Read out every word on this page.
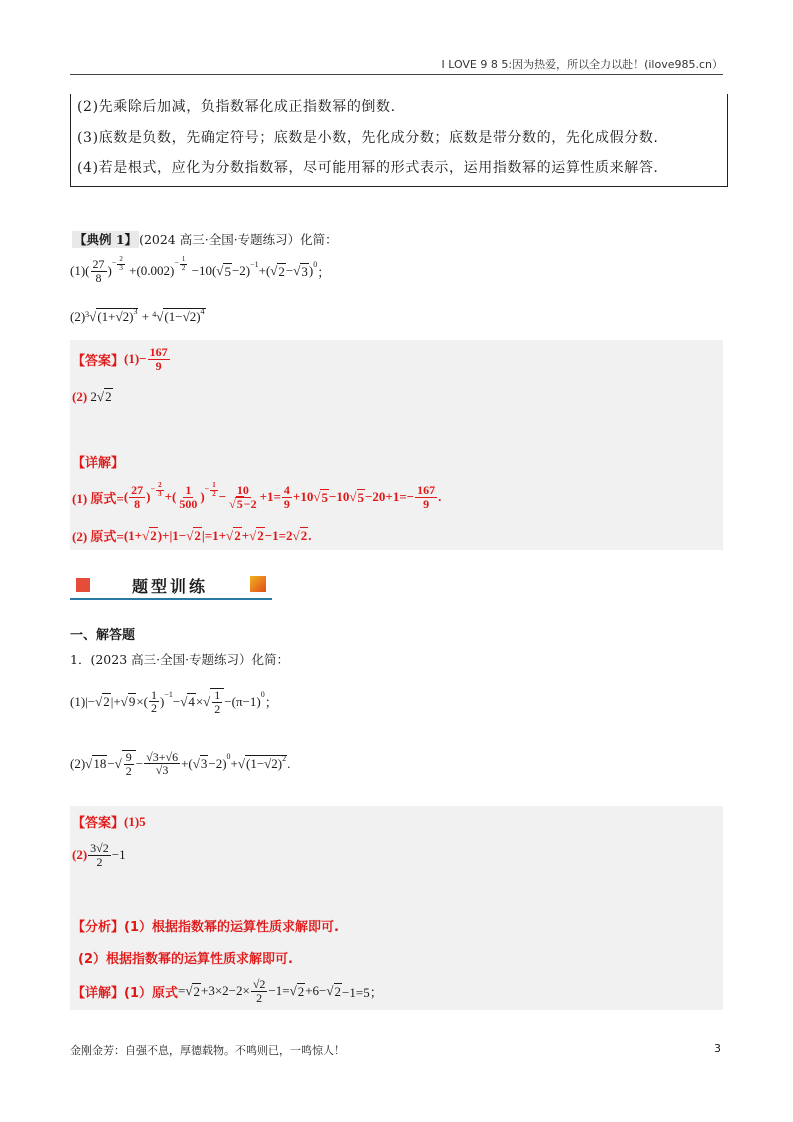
I LOVE 9 8 5:因为热爱，所以全力以赴！(ilove985.cn）
(2)先乘除后加减，负指数幂化成正指数幂的倒数.
(3)底数是负数，先确定符号；底数是小数，先化成分数；底数是带分数的，先化成假分数.
(4)若是根式，应化为分数指数幂，尽可能用幂的形式表示，运用指数幂的运算性质来解答.
【典例 1】 (2024 高三·全国·专题练习）化简：
(1) ( $\frac{27}{8}$ ) − $\frac{2}{3} +(0.002) - \frac{1}{2} -10(√$ 5 −2) −1 +(√ 2 −√ 3 ) 0
；
(2) 3 √ $(1+√2)^3 + 4$ √ $(1-√2)^4$
【答案】 $(1)- \frac{167}{9}$
(2) 2√ 2
【详解】
(1) 原式= ( $\frac{27}{8}$ ) − $\frac{2}{3}$ +( $\frac{1}{500}$ ) − $\frac{1}{2} - \frac{10}{√5-2} +1= \frac{4}{9} +10√$ 5 −10√ $5 -20+1=- \frac{167}{9}$ .
(2) 原式= (1+√ 2 )+|1−√ 2 |=1+√ 2 +√ 2 −1=2√ 2 .
题型训练
一、解答题
1．(2023 高三·全国·专题练习）化简：
(1) |−√ 2 |+√ 9 ×( $\frac{1}{2}$ ) −1 −√ 4 ×√ $\frac{1}{2} -(\pi-1)$ 0
；
(2) √ 18 −√ $\frac{9}{2} - \frac{√3+√6}{√3}$ +(√ 3 −2) 0 +√ $(1-√2)^2$ .
【答案】 (1)5
$(2) \frac{3√2}{2} -1$
【分析】 (1）根据指数幂的运算性质求解即可.
(2）根据指数幂的运算性质求解即可.
【详解】 (1）原式 =√ $2 +3\times 2-2\times \frac{√2}{2} -1=√$ 2 +6−√ 2 −1=5；
金刚金芳：自强不息，厚德载物。不鸣则已，一鸣惊人！	3
